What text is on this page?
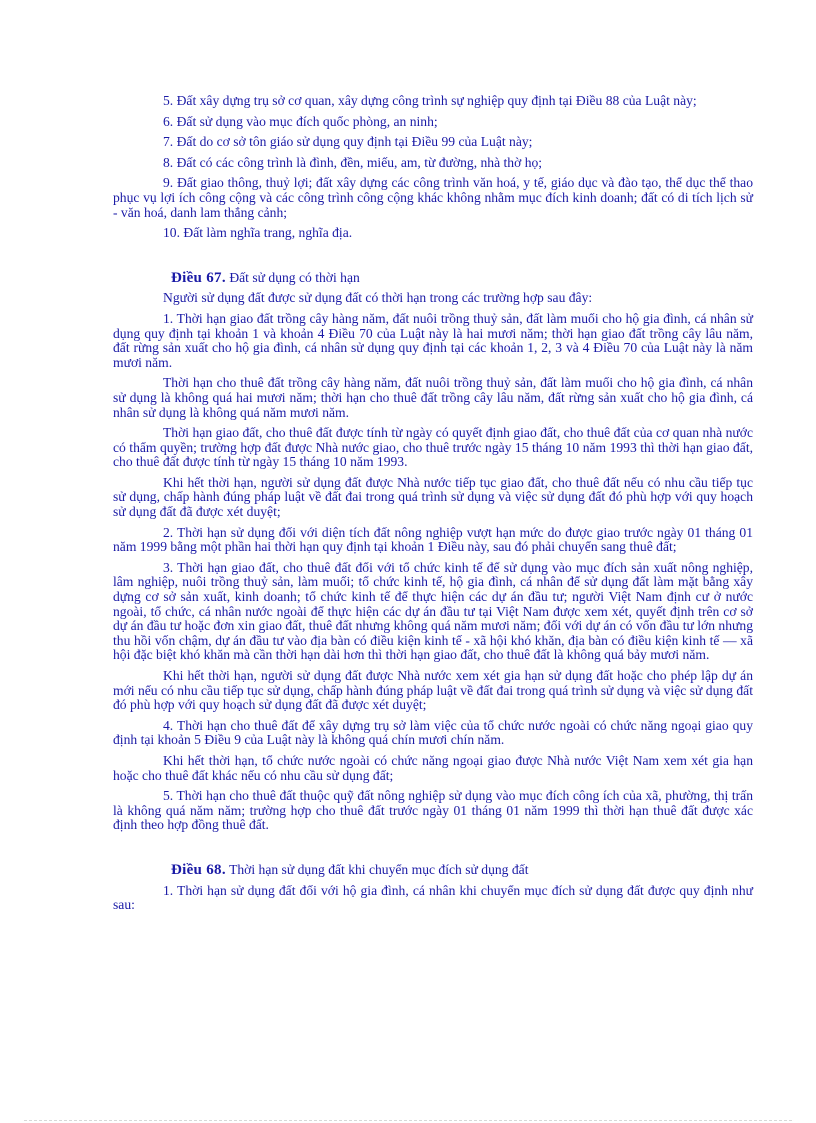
5. Đất xây dựng trụ sở cơ quan, xây dựng công trình sự nghiệp quy định tại Điều 88 của Luật này;

6. Đất sử dụng vào mục đích quốc phòng, an ninh;

7. Đất do cơ sở tôn giáo sử dụng quy định tại Điều 99 của Luật này;

8. Đất có các công trình là đình, đền, miếu, am, từ đường, nhà thờ họ;

9. Đất giao thông, thuỷ lợi; đất xây dựng các công trình văn hoá, y tế, giáo dục và đào tạo, thể dục thể thao phục vụ lợi ích công cộng và các công trình công cộng khác không nhằm mục đích kinh doanh; đất có di tích lịch sử - văn hoá, danh lam thắng cảnh;

10. Đất làm nghĩa trang, nghĩa địa.

Điều 67. Đất sử dụng có thời hạn

Người sử dụng đất được sử dụng đất có thời hạn trong các trường hợp sau đây:

1. Thời hạn giao đất trồng cây hàng năm, đất nuôi trồng thuỷ sản, đất làm muối cho hộ gia đình, cá nhân sử dụng quy định tại khoản 1 và khoản 4 Điều 70 của Luật này là hai mươi năm; thời hạn giao đất trồng cây lâu năm, đất rừng sản xuất cho hộ gia đình, cá nhân sử dụng quy định tại các khoản 1, 2, 3 và 4 Điều 70 của Luật này là năm mươi năm.

Thời hạn cho thuê đất trồng cây hàng năm, đất nuôi trồng thuỷ sản, đất làm muối cho hộ gia đình, cá nhân sử dụng là không quá hai mươi năm; thời hạn cho thuê đất trồng cây lâu năm, đất rừng sản xuất cho hộ gia đình, cá nhân sử dụng là không quá năm mươi năm.

Thời hạn giao đất, cho thuê đất được tính từ ngày có quyết định giao đất, cho thuê đất của cơ quan nhà nước có thẩm quyền; trường hợp đất được Nhà nước giao, cho thuê trước ngày 15 tháng 10 năm 1993 thì thời hạn giao đất, cho thuê đất được tính từ ngày 15 tháng 10 năm 1993.

Khi hết thời hạn, người sử dụng đất được Nhà nước tiếp tục giao đất, cho thuê đất nếu có nhu cầu tiếp tục sử dụng, chấp hành đúng pháp luật về đất đai trong quá trình sử dụng và việc sử dụng đất đó phù hợp với quy hoạch sử dụng đất đã được xét duyệt;

2. Thời hạn sử dụng đối với diện tích đất nông nghiệp vượt hạn mức do được giao trước ngày 01 tháng 01 năm 1999 bằng một phần hai thời hạn quy định tại khoản 1 Điều này, sau đó phải chuyển sang thuê đất;

3. Thời hạn giao đất, cho thuê đất đối với tổ chức kinh tế để sử dụng vào mục đích sản xuất nông nghiệp, lâm nghiệp, nuôi trồng thuỷ sản, làm muối; tổ chức kinh tế, hộ gia đình, cá nhân để sử dụng đất làm mặt bằng xây dựng cơ sở sản xuất, kinh doanh; tổ chức kinh tế để thực hiện các dự án đầu tư; người Việt Nam định cư ở nước ngoài, tổ chức, cá nhân nước ngoài để thực hiện các dự án đầu tư tại Việt Nam được xem xét, quyết định trên cơ sở dự án đầu tư hoặc đơn xin giao đất, thuê đất nhưng không quá năm mươi năm; đối với dự án có vốn đầu tư lớn nhưng thu hồi vốn chậm, dự án đầu tư vào địa bàn có điều kiện kinh tế - xã hội khó khăn, địa bàn có điều kiện kinh tế — xã hội đặc biệt khó khăn mà cần thời hạn dài hơn thì thời hạn giao đất, cho thuê đất là không quá bảy mươi năm.

Khi hết thời hạn, người sử dụng đất được Nhà nước xem xét gia hạn sử dụng đất hoặc cho phép lập dự án mới nếu có nhu cầu tiếp tục sử dụng, chấp hành đúng pháp luật về đất đai trong quá trình sử dụng và việc sử dụng đất đó phù hợp với quy hoạch sử dụng đất đã được xét duyệt;

4. Thời hạn cho thuê đất để xây dựng trụ sở làm việc của tổ chức nước ngoài có chức năng ngoại giao quy định tại khoản 5 Điều 9 của Luật này là không quá chín mươi chín năm.

Khi hết thời hạn, tổ chức nước ngoài có chức năng ngoại giao được Nhà nước Việt Nam xem xét gia hạn hoặc cho thuê đất khác nếu có nhu cầu sử dụng đất;

5. Thời hạn cho thuê đất thuộc quỹ đất nông nghiệp sử dụng vào mục đích công ích của xã, phường, thị trấn là không quá năm năm; trường hợp cho thuê đất trước ngày 01 tháng 01 năm 1999 thì thời hạn thuê đất được xác định theo hợp đồng thuê đất.

Điều 68. Thời hạn sử dụng đất khi chuyển mục đích sử dụng đất

1. Thời hạn sử dụng đất đối với hộ gia đình, cá nhân khi chuyển mục đích sử dụng đất được quy định như sau:
